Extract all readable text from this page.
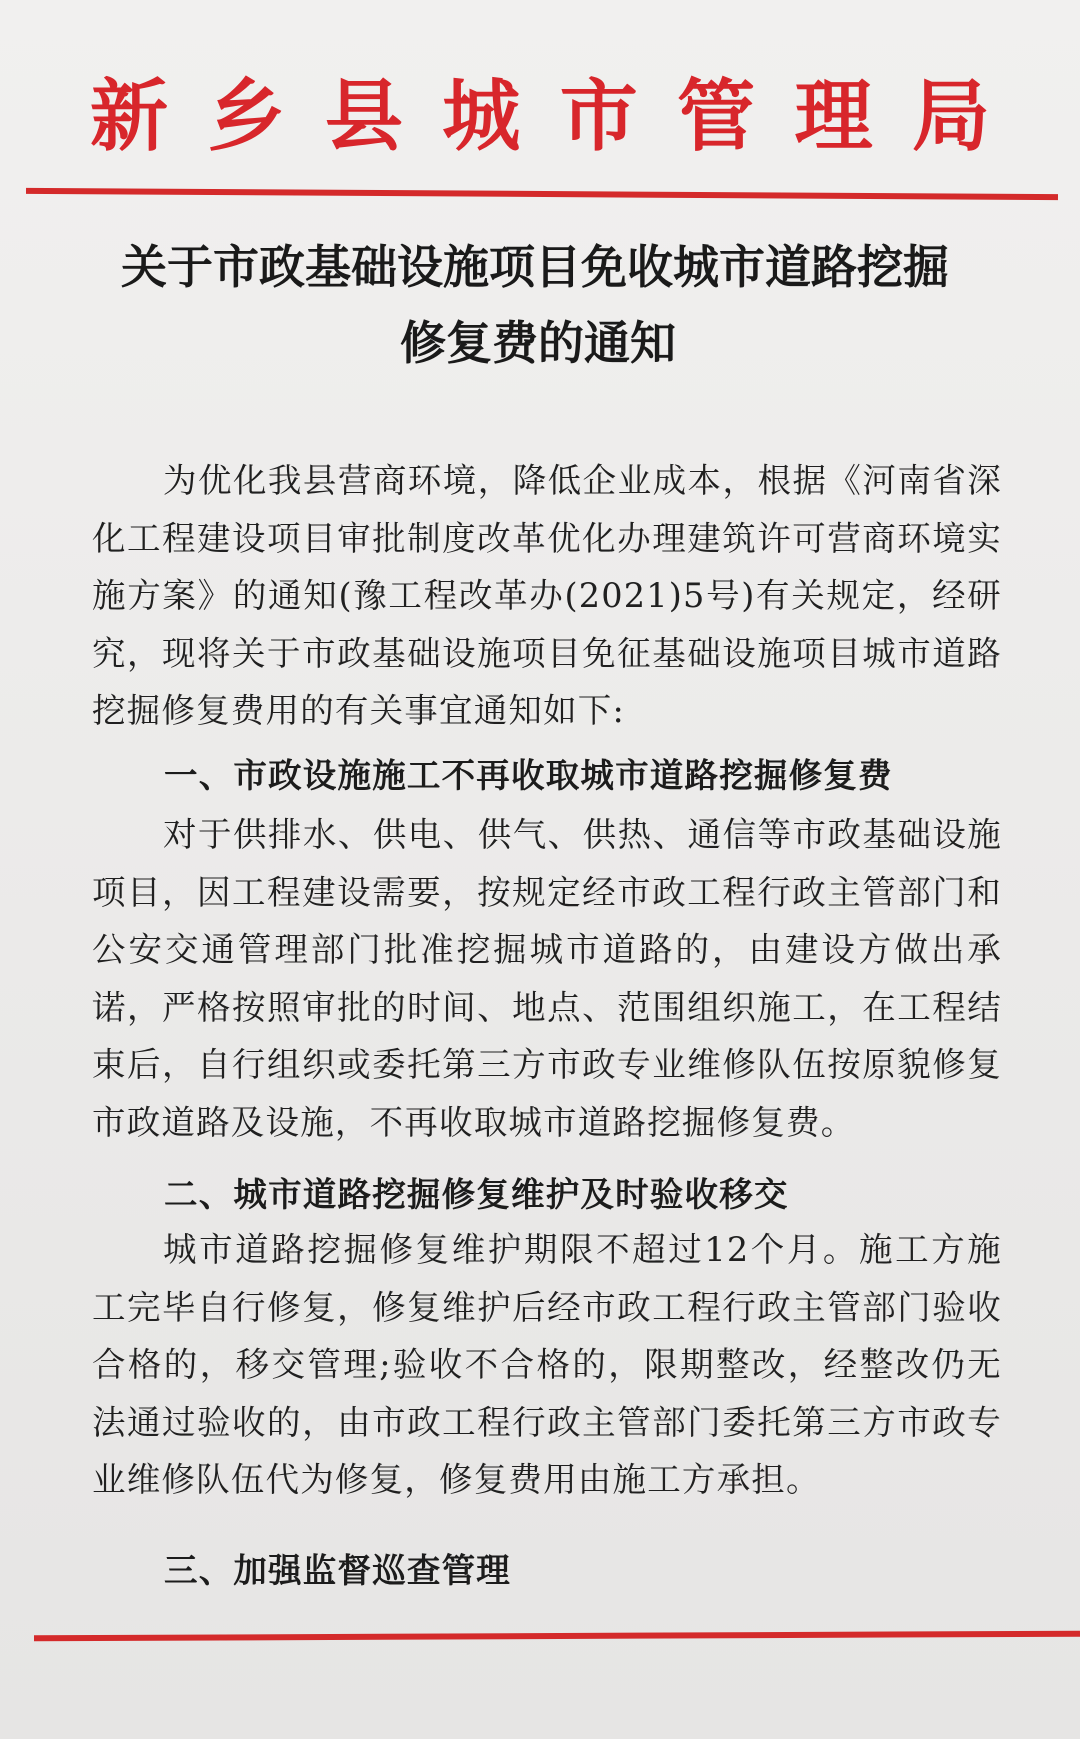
新 乡 县 城 市 管 理 局
关于市政基础设施项目免收城市道路挖掘
修复费的通知
为优化我县营商环境，降低企业成本，根据《河南省深化工程建设项目审批制度改革优化办理建筑许可营商环境实施方案》的通知(豫工程改革办(2021)5号)有关规定，经研究，现将关于市政基础设施项目免征基础设施项目城市道路挖掘修复费用的有关事宜通知如下:
一、市政设施施工不再收取城市道路挖掘修复费
对于供排水、供电、供气、供热、通信等市政基础设施项目，因工程建设需要，按规定经市政工程行政主管部门和公安交通管理部门批准挖掘城市道路的，由建设方做出承诺，严格按照审批的时间、地点、范围组织施工，在工程结束后，自行组织或委托第三方市政专业维修队伍按原貌修复市政道路及设施，不再收取城市道路挖掘修复费。
二、城市道路挖掘修复维护及时验收移交
城市道路挖掘修复维护期限不超过12个月。施工方施工完毕自行修复，修复维护后经市政工程行政主管部门验收合格的，移交管理;验收不合格的，限期整改，经整改仍无法通过验收的，由市政工程行政主管部门委托第三方市政专业维修队伍代为修复，修复费用由施工方承担。
三、加强监督巡查管理
